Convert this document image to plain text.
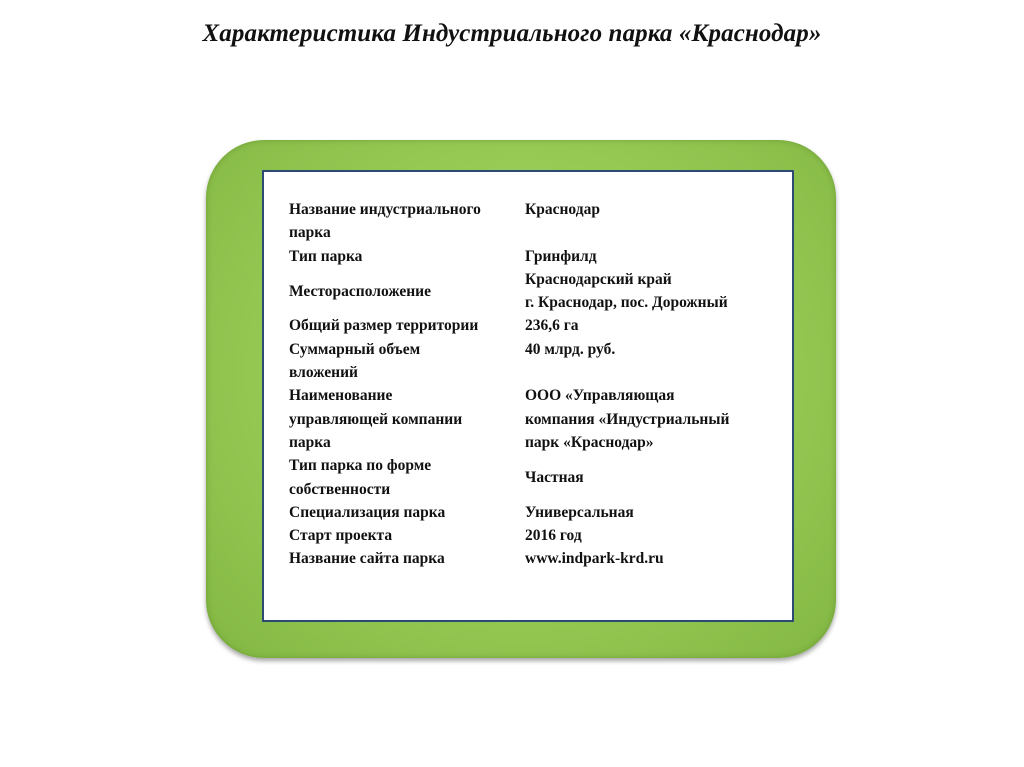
Характеристика Индустриального парка «Краснодар»
Название индустриального
парка	Краснодар

Тип парка	Гринфилд

Месторасположение	Краснодарский край
г. Краснодар, пос. Дорожный

Общий размер территории	236,6 га

Суммарный объем
вложений	40 млрд. руб.

Наименование
управляющей компании
парка	ООО «Управляющая
компания «Индустриальный
парк «Краснодар»

Тип парка по форме
собственности	Частная

Специализация парка	Универсальная

Старт проекта	2016 год

Название сайта парка	www.indpark-krd.ru
